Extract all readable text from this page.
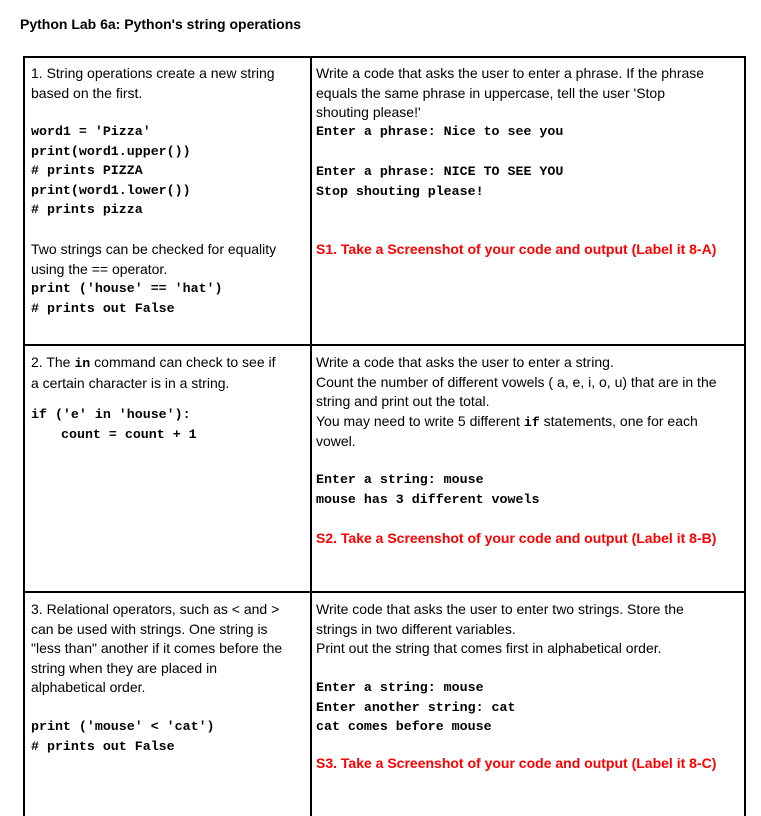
Python Lab 6a: Python's string operations

1. String operations create a new string
based on the first.

word1 = 'Pizza'
print(word1.upper())
# prints PIZZA
print(word1.lower())
# prints pizza

Two strings can be checked for equality
using the == operator.

print ('house' == 'hat')
# prints out False

Write a code that asks the user to enter a phrase. If the phrase
equals the same phrase in uppercase, tell the user 'Stop
shouting please!'

Enter a phrase: Nice to see you

Enter a phrase: NICE TO SEE YOU
Stop shouting please!

S1. Take a Screenshot of your code and output (Label it 8-A)

2. The in command can check to see if
a certain character is in a string.

if ('e' in 'house'):
count = count + 1

Write a code that asks the user to enter a string.
Count the number of different vowels ( a, e, i, o, u) that are in the
string and print out the total.
You may need to write 5 different if statements, one for each
vowel.

Enter a string: mouse
mouse has 3 different vowels

S2. Take a Screenshot of your code and output (Label it 8-B)

3. Relational operators, such as < and >
can be used with strings. One string is
"less than" another if it comes before the
string when they are placed in
alphabetical order.

print ('mouse' < 'cat')
# prints out False

Write code that asks the user to enter two strings. Store the
strings in two different variables.
Print out the string that comes first in alphabetical order.

Enter a string: mouse
Enter another string: cat
cat comes before mouse

S3. Take a Screenshot of your code and output (Label it 8-C)
